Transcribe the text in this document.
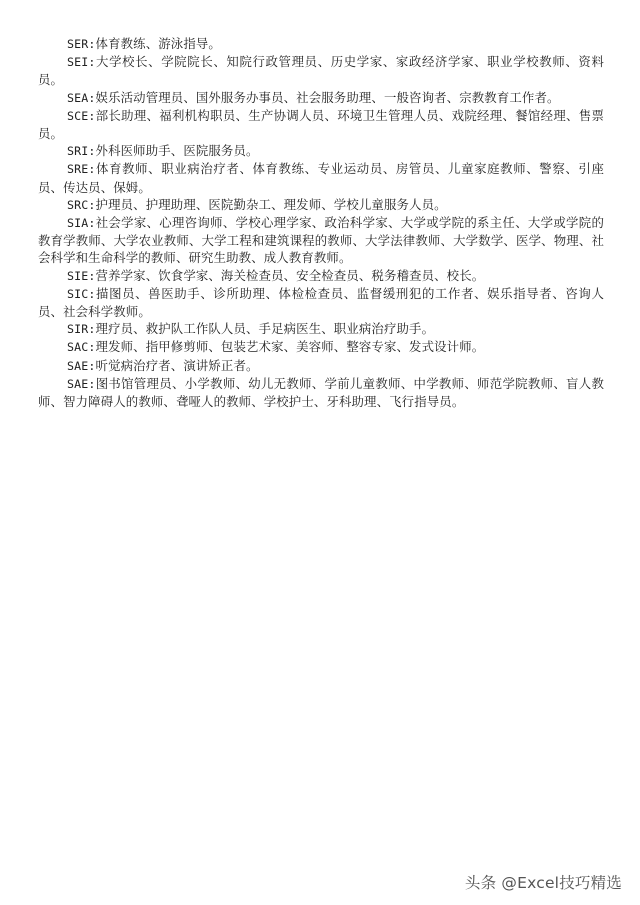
SER:体育教练、游泳指导。

SEI:大学校长、学院院长、知院行政管理员、历史学家、家政经济学家、职业学校教师、资料员。

SEA:娱乐活动管理员、国外服务办事员、社会服务助理、一般咨询者、宗教教育工作者。

SCE:部长助理、福利机构职员、生产协调人员、环境卫生管理人员、戏院经理、餐馆经理、售票员。

SRI:外科医师助手、医院服务员。

SRE:体育教师、职业病治疗者、体育教练、专业运动员、房管员、儿童家庭教师、警察、引座员、传达员、保姆。

SRC:护理员、护理助理、医院勤杂工、理发师、学校儿童服务人员。

SIA:社会学家、心理咨询师、学校心理学家、政治科学家、大学或学院的系主任、大学或学院的教育学教师、大学农业教师、大学工程和建筑课程的教师、大学法律教师、大学数学、医学、物理、社会科学和生命科学的教师、研究生助教、成人教育教师。

SIE:营养学家、饮食学家、海关检查员、安全检查员、税务稽查员、校长。

SIC:描图员、兽医助手、诊所助理、体检检查员、监督缓刑犯的工作者、娱乐指导者、咨询人员、社会科学教师。

SIR:理疗员、救护队工作队人员、手足病医生、职业病治疗助手。

SAC:理发师、指甲修剪师、包装艺术家、美容师、整容专家、发式设计师。

SAE:听觉病治疗者、演讲矫正者。

SAE:图书馆管理员、小学教师、幼儿无教师、学前儿童教师、中学教师、师范学院教师、盲人教师、智力障碍人的教师、聋哑人的教师、学校护士、牙科助理、飞行指导员。

头条 @Excel技巧精选
